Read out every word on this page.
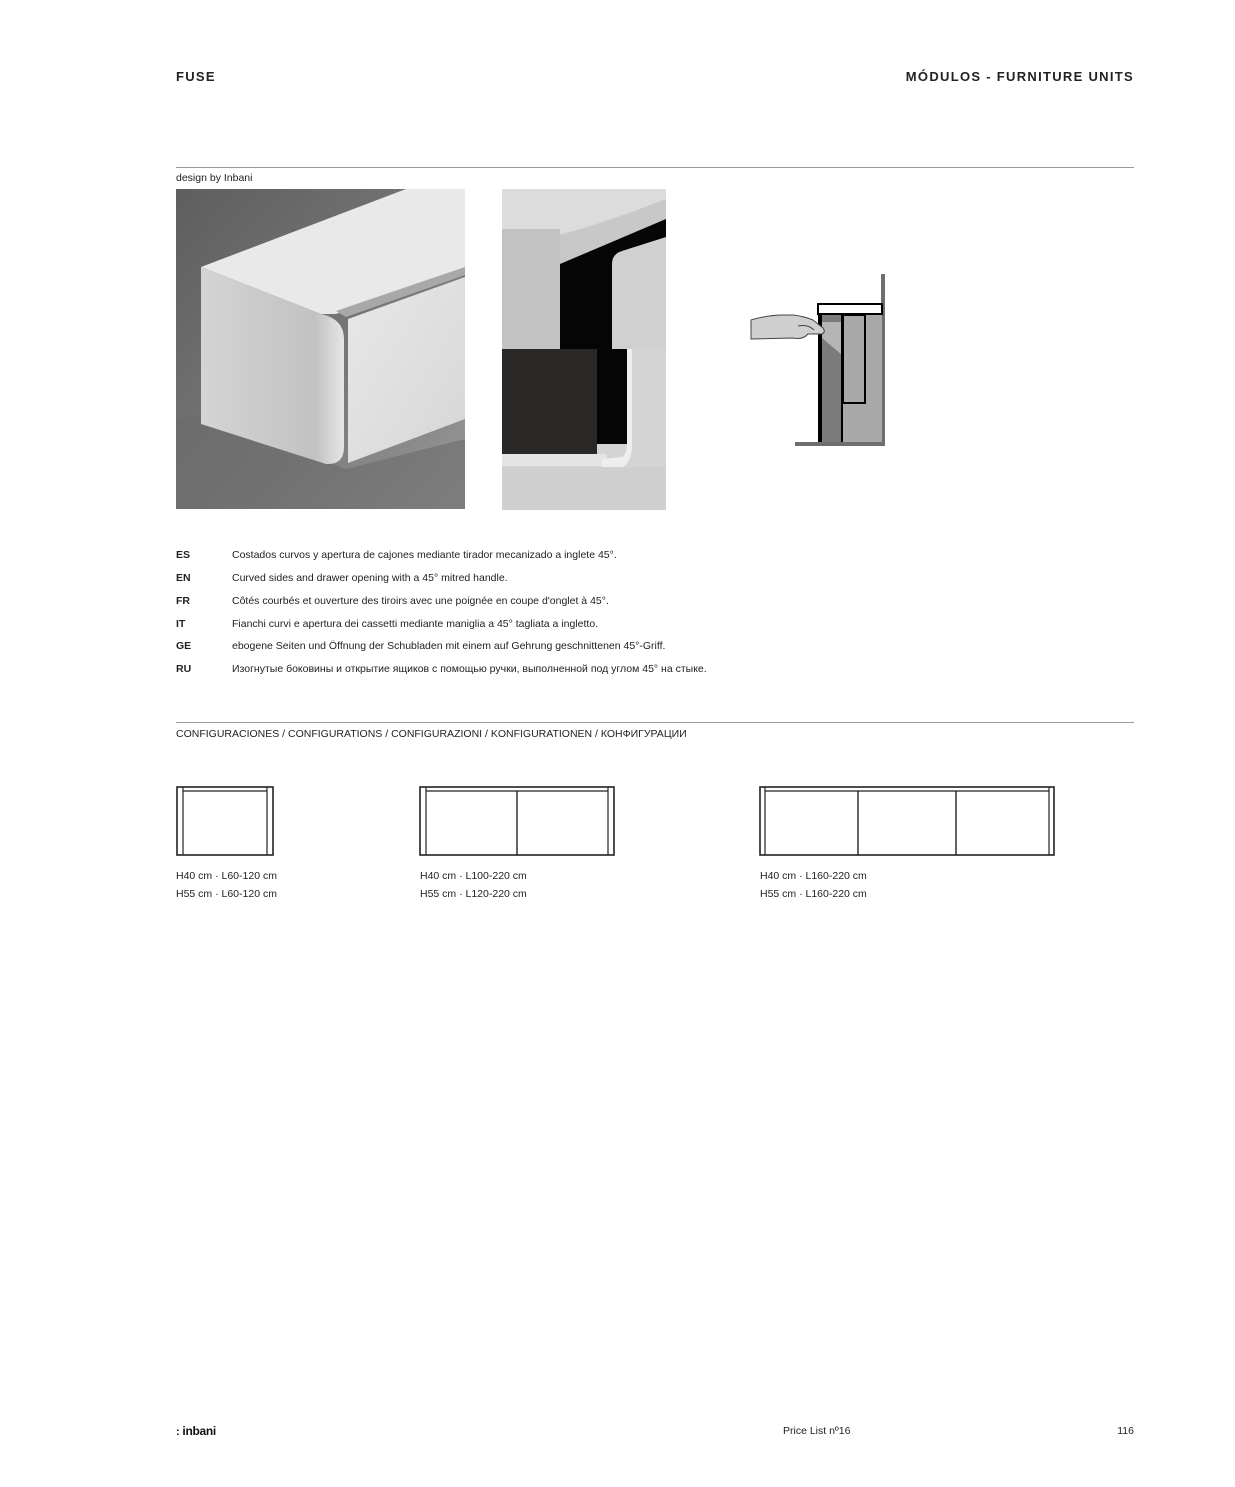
FUSE	MÓDULOS - FURNITURE UNITS
design by Inbani
ES	Costados curvos y apertura de cajones mediante tirador mecanizado a inglete 45°.
EN	Curved sides and drawer opening with a 45° mitred handle.
FR	Côtés courbés et ouverture des tiroirs avec une poignée en coupe d'onglet à 45°.
IT	Fianchi curvi e apertura dei cassetti mediante maniglia a 45° tagliata a ingletto.
GE	ebogene Seiten und Öffnung der Schubladen mit einem auf Gehrung geschnittenen 45°-Griff.
RU	Изогнутые боковины и открытие ящиков с помощью ручки, выполненной под углом 45° на стыке.
CONFIGURACIONES / CONFIGURATIONS / CONFIGURAZIONI / KONFIGURATIONEN / КОНФИГУРАЦИИ
H40 cm · L60-120 cm
H55 cm · L60-120 cm
H40 cm · L100-220 cm
H55 cm · L120-220 cm
H40 cm · L160-220 cm
H55 cm · L160-220 cm
: inbani	Price List nº16	116
